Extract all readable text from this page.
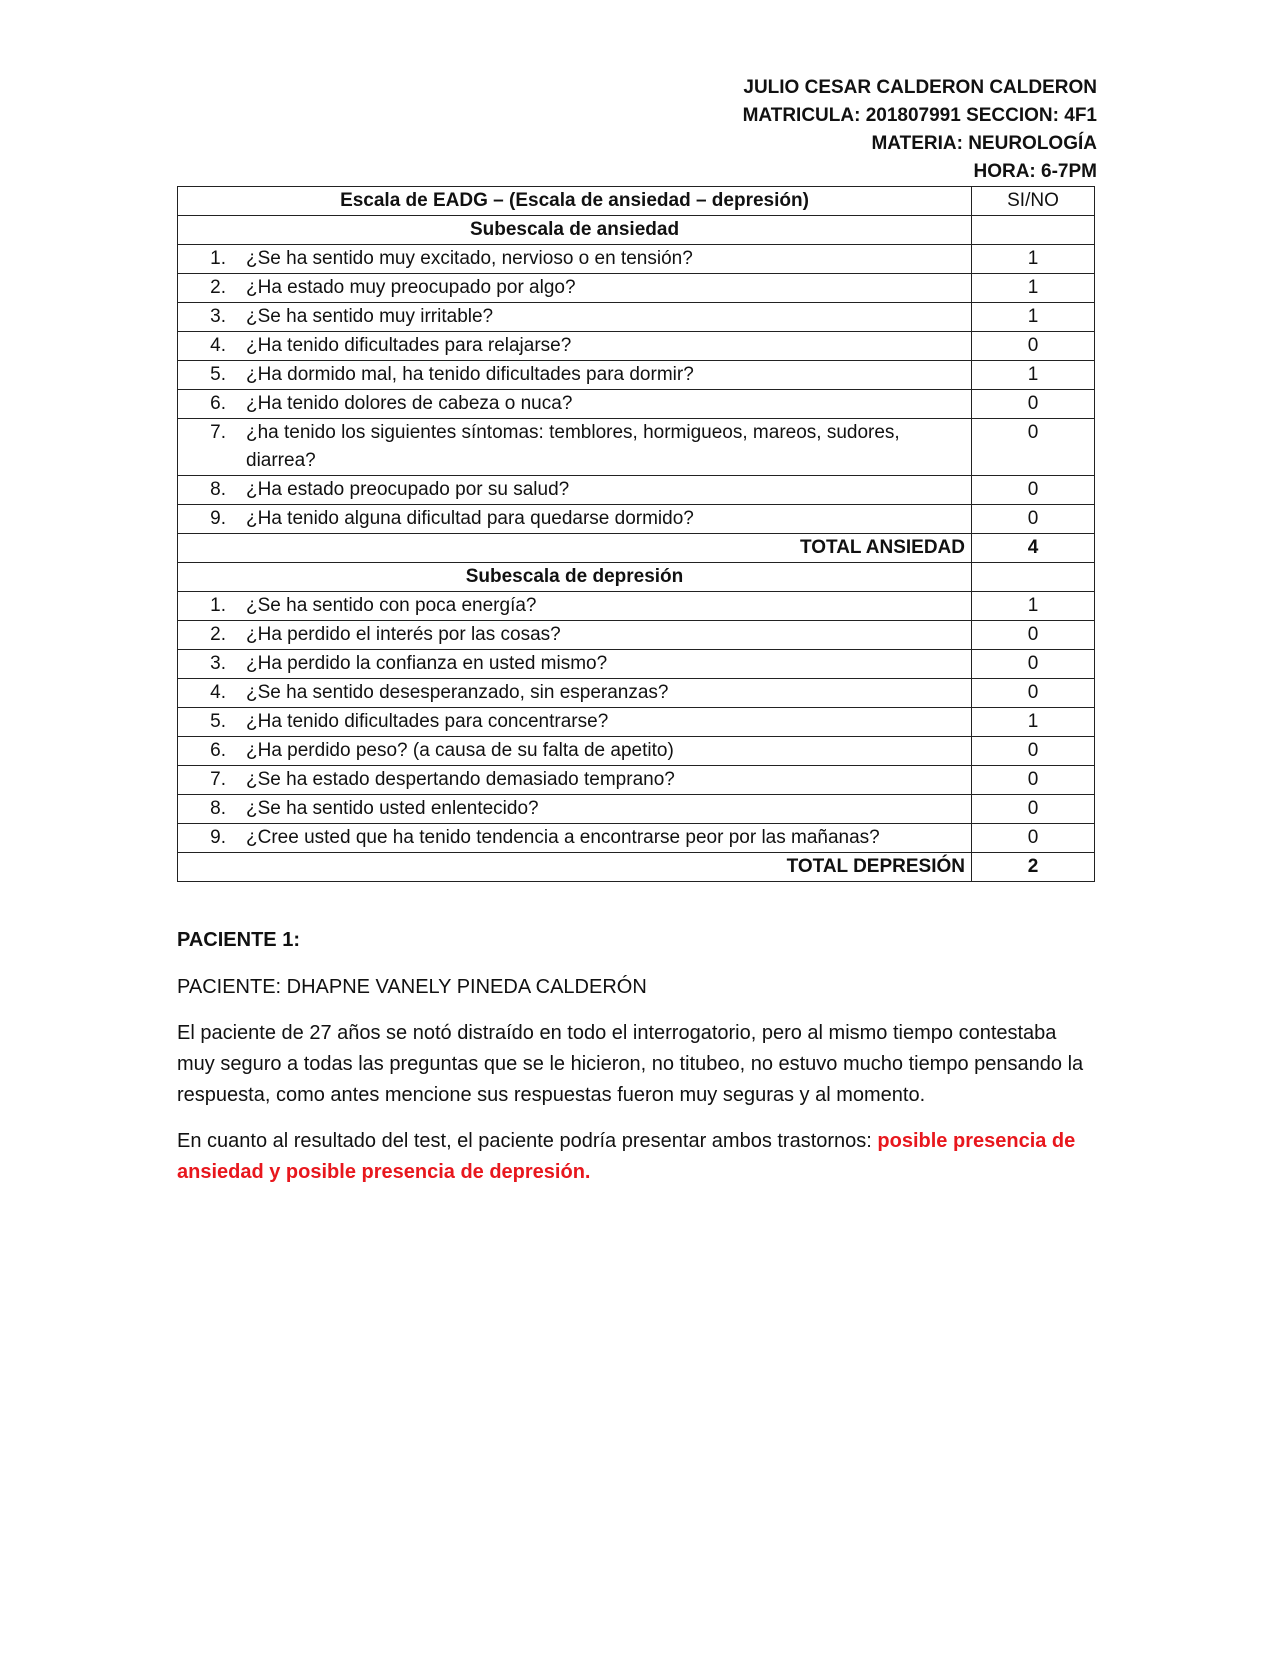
JULIO CESAR CALDERON CALDERON
MATRICULA: 201807991 SECCION: 4F1
MATERIA: NEUROLOGÍA
HORA: 6-7PM
Escala de EADG – (Escala de ansiedad – depresión)	SI/NO
Subescala de ansiedad	

1. ¿Se ha sentido muy excitado, nervioso o en tensión?	1

2. ¿Ha estado muy preocupado por algo?	1

3. ¿Se ha sentido muy irritable?	1

4. ¿Ha tenido dificultades para relajarse?	0

5. ¿Ha dormido mal, ha tenido dificultades para dormir?	1

6. ¿Ha tenido dolores de cabeza o nuca?	0

7. ¿ha tenido los siguientes síntomas: temblores, hormigueos, mareos, sudores, diarrea?	0

8. ¿Ha estado preocupado por su salud?	0

9. ¿Ha tenido alguna dificultad para quedarse dormido?	0
TOTAL ANSIEDAD	4
Subescala de depresión	

1. ¿Se ha sentido con poca energía?	1

2. ¿Ha perdido el interés por las cosas?	0

3. ¿Ha perdido la confianza en usted mismo?	0

4. ¿Se ha sentido desesperanzado, sin esperanzas?	0

5. ¿Ha tenido dificultades para concentrarse?	1

6. ¿Ha perdido peso? (a causa de su falta de apetito)	0

7. ¿Se ha estado despertando demasiado temprano?	0

8. ¿Se ha sentido usted enlentecido?	0

9. ¿Cree usted que ha tenido tendencia a encontrarse peor por las mañanas?	0
TOTAL DEPRESIÓN	2

PACIENTE 1:

PACIENTE: DHAPNE VANELY PINEDA CALDERÓN

El paciente de 27 años se notó distraído en todo el interrogatorio, pero al mismo tiempo contestaba muy seguro a todas las preguntas que se le hicieron, no titubeo, no estuvo mucho tiempo pensando la respuesta, como antes mencione sus respuestas fueron muy seguras y al momento.

En cuanto al resultado del test, el paciente podría presentar ambos trastornos: posible presencia de ansiedad y posible presencia de depresión.
